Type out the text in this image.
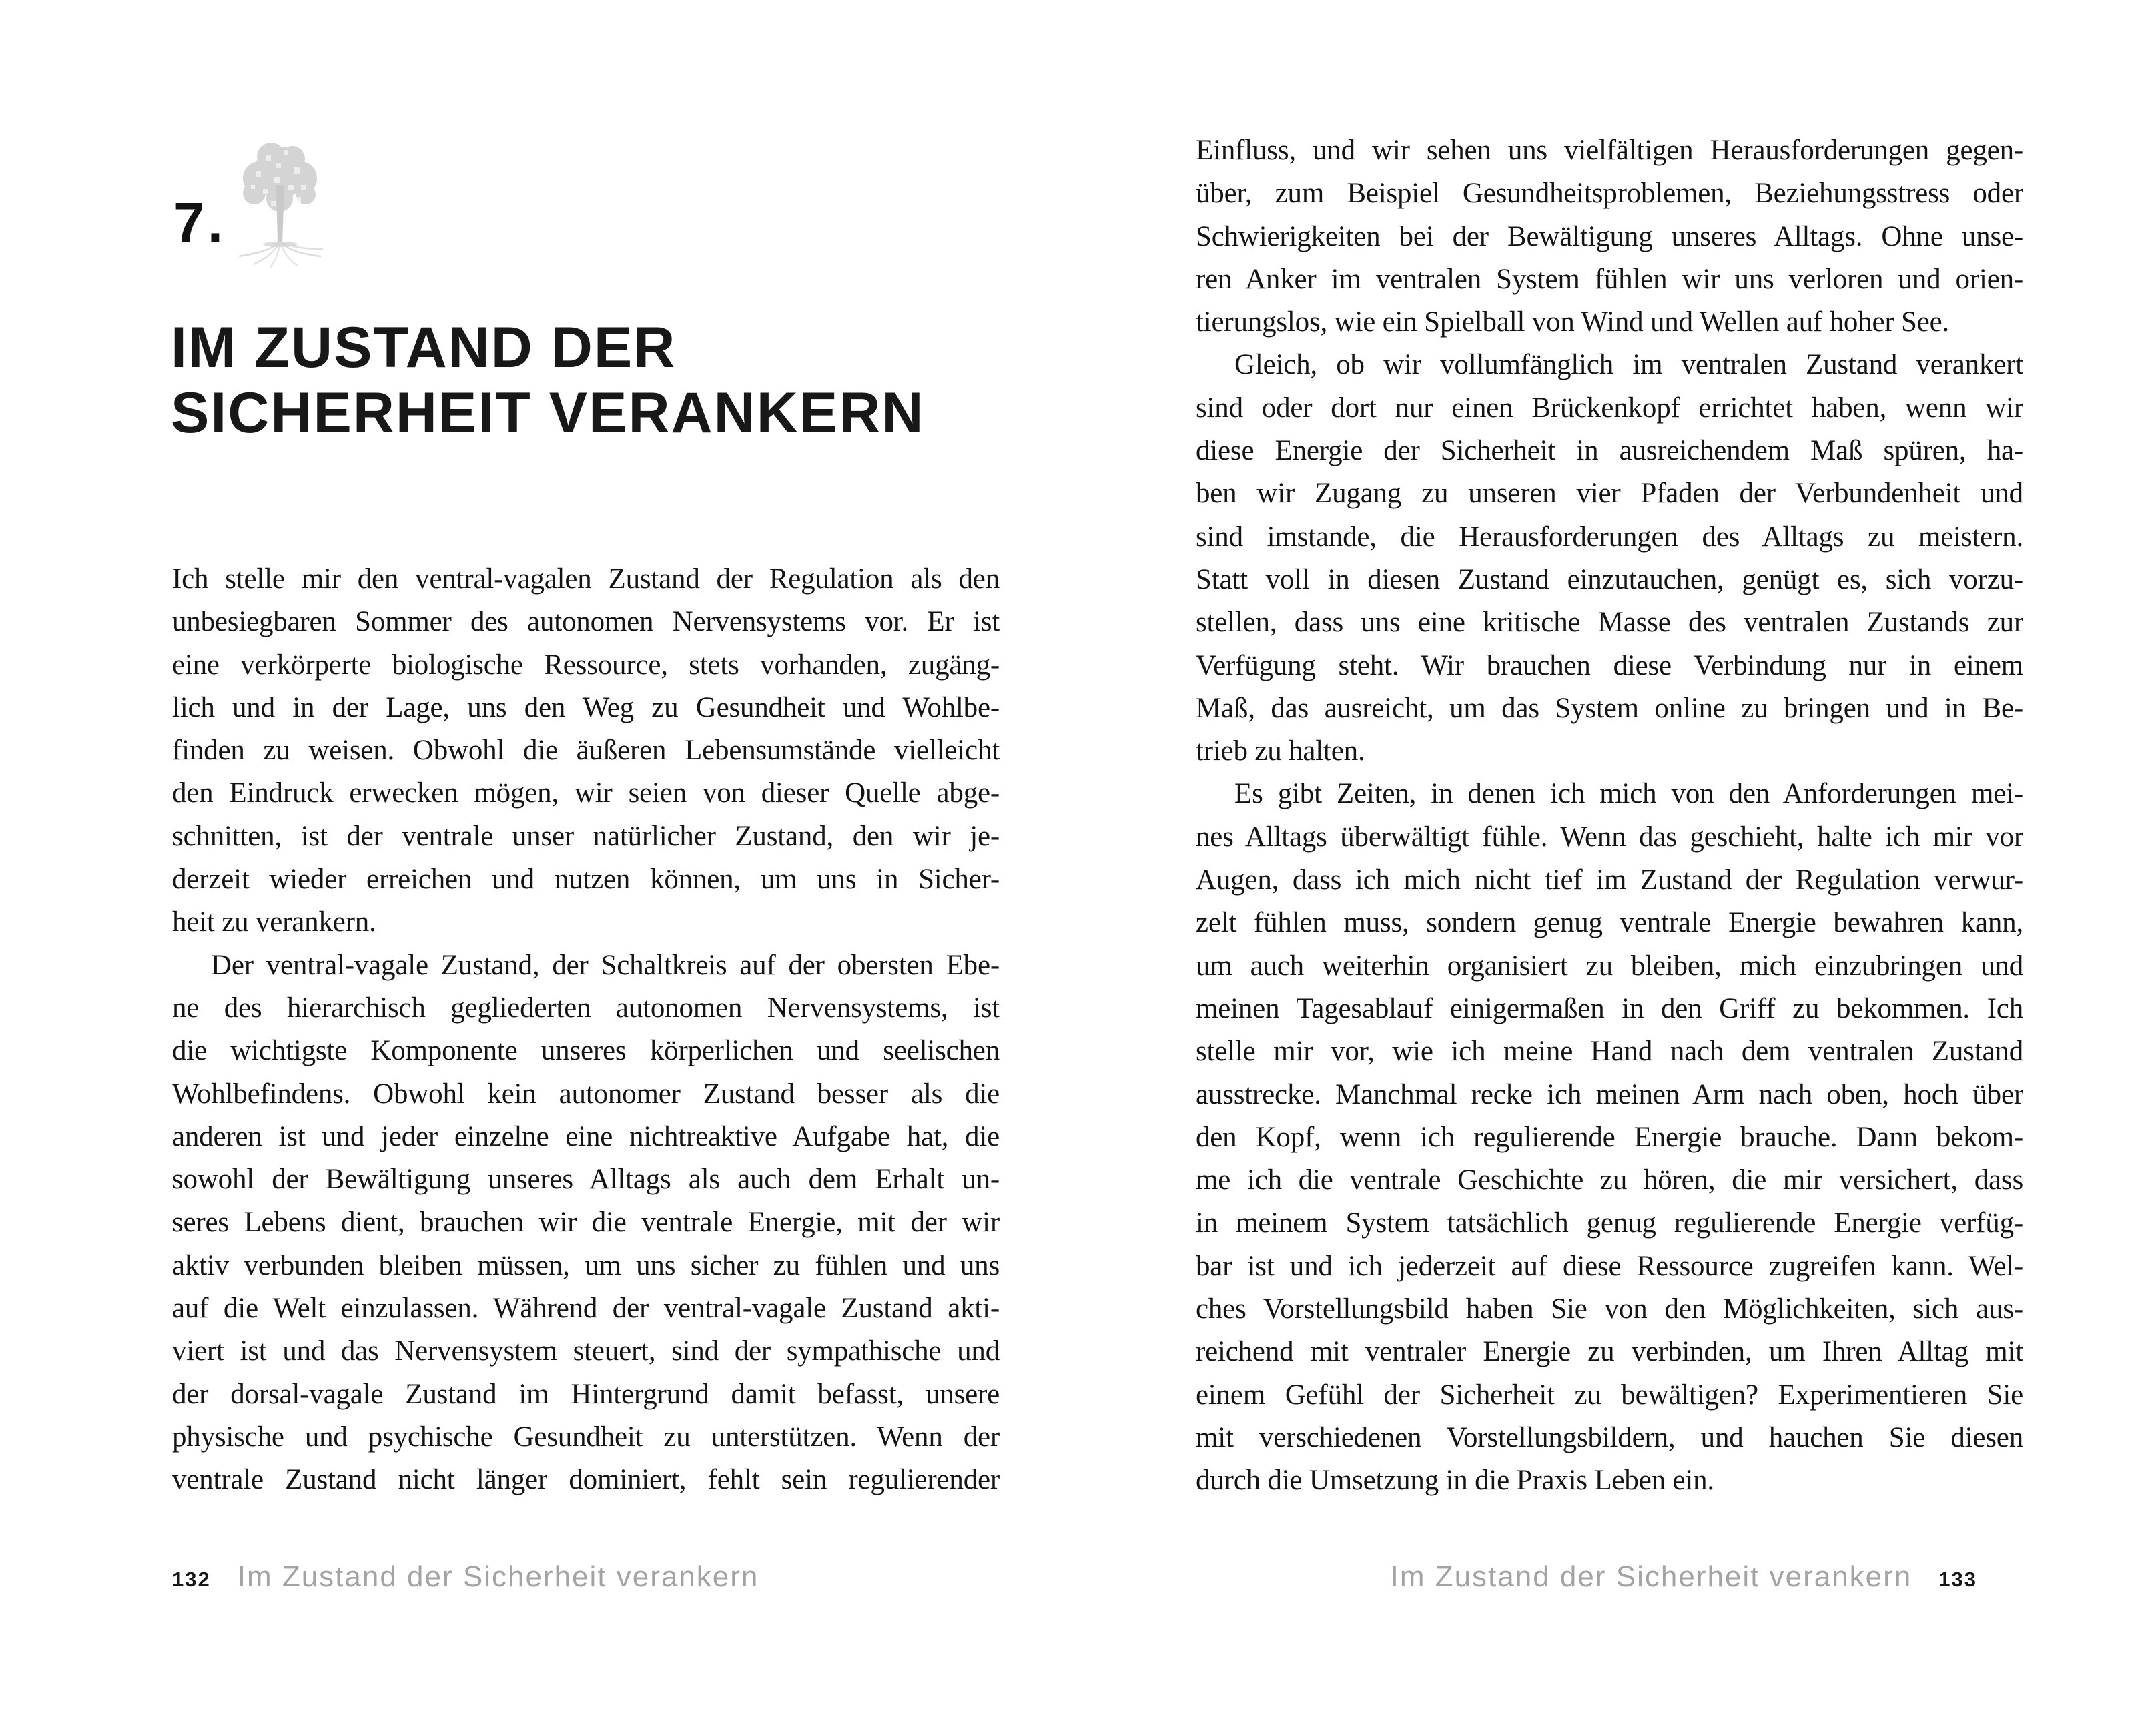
7.
IM ZUSTAND DER
SICHERHEIT VERANKERN
Ich stelle mir den ventral-vagalen Zustand der Regulation als den
unbesiegbaren Sommer des autonomen Nervensystems vor. Er ist
eine verkörperte biologische Ressource, stets vorhanden, zugäng-
lich und in der Lage, uns den Weg zu Gesundheit und Wohlbe-
finden zu weisen. Obwohl die äußeren Lebensumstände vielleicht
den Eindruck erwecken mögen, wir seien von dieser Quelle abge-
schnitten, ist der ventrale unser natürlicher Zustand, den wir je-
derzeit wieder erreichen und nutzen können, um uns in Sicher-
heit zu verankern.
Der ventral-vagale Zustand, der Schaltkreis auf der obersten Ebe-
ne des hierarchisch gegliederten autonomen Nervensystems, ist
die wichtigste Komponente unseres körperlichen und seelischen
Wohlbefindens. Obwohl kein autonomer Zustand besser als die
anderen ist und jeder einzelne eine nichtreaktive Aufgabe hat, die
sowohl der Bewältigung unseres Alltags als auch dem Erhalt un-
seres Lebens dient, brauchen wir die ventrale Energie, mit der wir
aktiv verbunden bleiben müssen, um uns sicher zu fühlen und uns
auf die Welt einzulassen. Während der ventral-vagale Zustand akti-
viert ist und das Nervensystem steuert, sind der sympathische und
der dorsal-vagale Zustand im Hintergrund damit befasst, unsere
physische und psychische Gesundheit zu unterstützen. Wenn der
ventrale Zustand nicht länger dominiert, fehlt sein regulierender
132 Im Zustand der Sicherheit verankern
Einfluss, und wir sehen uns vielfältigen Herausforderungen gegen-
über, zum Beispiel Gesundheitsproblemen, Beziehungsstress oder
Schwierigkeiten bei der Bewältigung unseres Alltags. Ohne unse-
ren Anker im ventralen System fühlen wir uns verloren und orien-
tierungslos, wie ein Spielball von Wind und Wellen auf hoher See.
Gleich, ob wir vollumfänglich im ventralen Zustand verankert
sind oder dort nur einen Brückenkopf errichtet haben, wenn wir
diese Energie der Sicherheit in ausreichendem Maß spüren, ha-
ben wir Zugang zu unseren vier Pfaden der Verbundenheit und
sind imstande, die Herausforderungen des Alltags zu meistern.
Statt voll in diesen Zustand einzutauchen, genügt es, sich vorzu-
stellen, dass uns eine kritische Masse des ventralen Zustands zur
Verfügung steht. Wir brauchen diese Verbindung nur in einem
Maß, das ausreicht, um das System online zu bringen und in Be-
trieb zu halten.
Es gibt Zeiten, in denen ich mich von den Anforderungen mei-
nes Alltags überwältigt fühle. Wenn das geschieht, halte ich mir vor
Augen, dass ich mich nicht tief im Zustand der Regulation verwur-
zelt fühlen muss, sondern genug ventrale Energie bewahren kann,
um auch weiterhin organisiert zu bleiben, mich einzubringen und
meinen Tagesablauf einigermaßen in den Griff zu bekommen. Ich
stelle mir vor, wie ich meine Hand nach dem ventralen Zustand
ausstrecke. Manchmal recke ich meinen Arm nach oben, hoch über
den Kopf, wenn ich regulierende Energie brauche. Dann bekom-
me ich die ventrale Geschichte zu hören, die mir versichert, dass
in meinem System tatsächlich genug regulierende Energie verfüg-
bar ist und ich jederzeit auf diese Ressource zugreifen kann. Wel-
ches Vorstellungsbild haben Sie von den Möglichkeiten, sich aus-
reichend mit ventraler Energie zu verbinden, um Ihren Alltag mit
einem Gefühl der Sicherheit zu bewältigen? Experimentieren Sie
mit verschiedenen Vorstellungsbildern, und hauchen Sie diesen
durch die Umsetzung in die Praxis Leben ein.
Im Zustand der Sicherheit verankern 133
